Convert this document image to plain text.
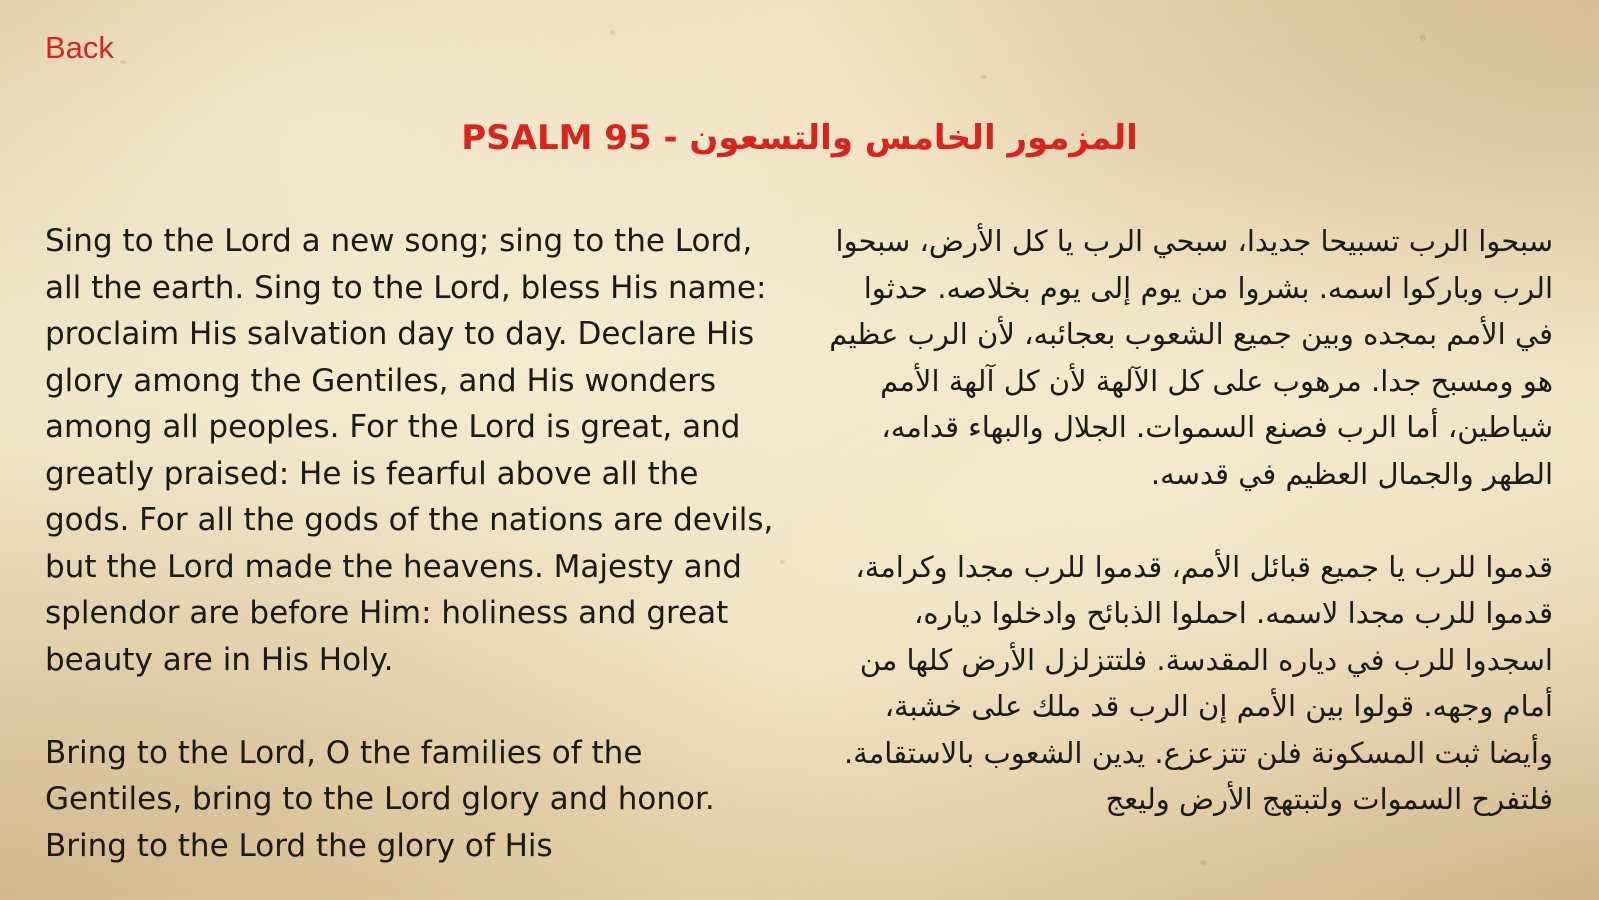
Back
PSALM 95 - المزمور الخامس والتسعون

Sing to the Lord a new song; sing to the Lord, all the earth. Sing to the Lord, bless His name: proclaim His salvation day to day. Declare His glory among the Gentiles, and His wonders among all peoples. For the Lord is great, and greatly praised: He is fearful above all the gods. For all the gods of the nations are devils, but the Lord made the heavens. Majesty and splendor are before Him: holiness and great beauty are in His Holy.

Bring to the Lord, O the families of the Gentiles, bring to the Lord glory and honor. Bring to the Lord the glory of His

سبحوا الرب تسبيحا جديدا، سبحي الرب يا كل الأرض، سبحوا الرب وباركوا اسمه. بشروا من يوم إلى يوم بخلاصه. حدثوا في الأمم بمجده وبين جميع الشعوب بعجائبه، لأن الرب عظيم هو ومسبح جدا. مرهوب على كل الآلهة لأن كل آلهة الأمم شياطين، أما الرب فصنع السموات. الجلال والبهاء قدامه، الطهر والجمال العظيم في قدسه.

قدموا للرب يا جميع قبائل الأمم، قدموا للرب مجدا وكرامة، قدموا للرب مجدا لاسمه. احملوا الذبائح وادخلوا دياره، اسجدوا للرب في دياره المقدسة. فلتتزلزل الأرض كلها من أمام وجهه. قولوا بين الأمم إن الرب قد ملك على خشبة، وأيضا ثبت المسكونة فلن تتزعزع. يدين الشعوب بالاستقامة. فلتفرح السموات ولتبتهج الأرض وليعج
